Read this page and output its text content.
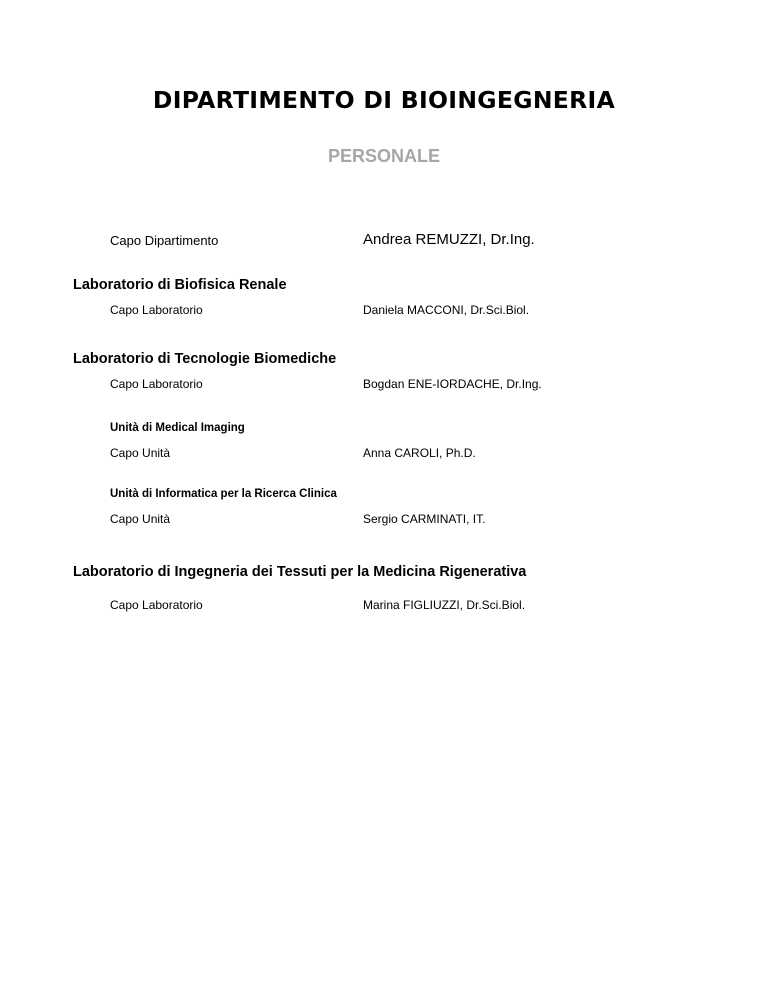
DIPARTIMENTO DI BIOINGEGNERIA
PERSONALE
Capo Dipartimento	Andrea REMUZZI, Dr.Ing.
Laboratorio di Biofisica Renale
Capo Laboratorio	Daniela MACCONI, Dr.Sci.Biol.
Laboratorio di Tecnologie Biomediche
Capo Laboratorio	Bogdan ENE-IORDACHE, Dr.Ing.
Unità di Medical Imaging
Capo Unità	Anna CAROLI, Ph.D.
Unità di Informatica per la Ricerca Clinica
Capo Unità	Sergio CARMINATI, IT.
Laboratorio di Ingegneria dei Tessuti per la Medicina Rigenerativa
Capo Laboratorio	Marina FIGLIUZZI, Dr.Sci.Biol.
